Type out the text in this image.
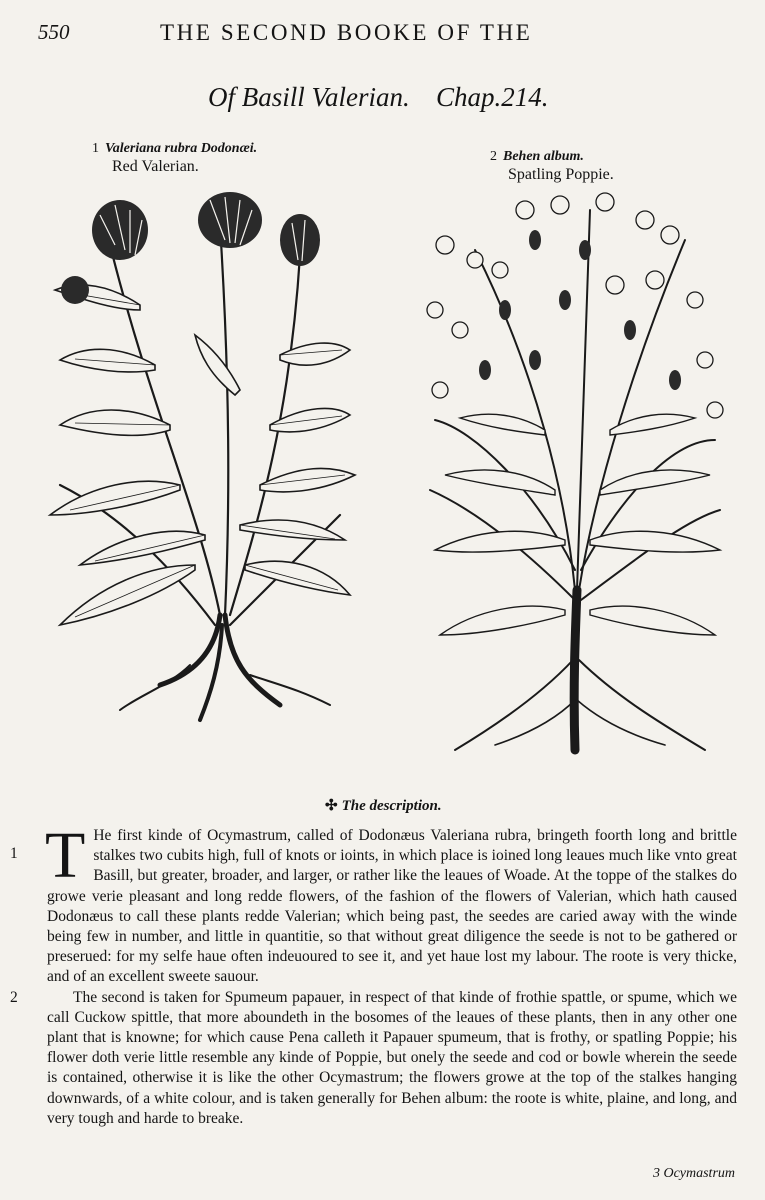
550	THE SECOND BOOKE OF THE
Of Basill Valerian. Chap.214.
1 Valeriana rubra Dodonæi.
Red Valerian.
2 Behen album.
Spatling Poppie.
✣ The description.

1 T He first kinde of Ocymastrum, called of Dodonæus Valeriana rubra, bringeth foorth long and brittle stalkes two cubits high, full of knots or ioints, in which place is ioined long leaues much like vnto great Basill, but greater, broader, and larger, or rather like the leaues of Woade. At the toppe of the stalkes do growe verie pleasant and long redde flowers, of the fashion of the flowers of Valerian, which hath caused Dodonæus to call these plants redde Valerian; which being past, the seedes are caried away with the winde being few in number, and little in quantitie, so that without great diligence the seede is not to be gathered or preserued: for my selfe haue often indeuoured to see it, and yet haue lost my labour. The roote is very thicke, and of an excellent sweete sauour.

2	The second is taken for Spumeum papauer, in respect of that kinde of frothie spattle, or spume, which we call Cuckow spittle, that more aboundeth in the bosomes of the leaues of these plants, then in any other one plant that is knowne; for which cause Pena calleth it Papauer spumeum, that is frothy, or spatling Poppie; his flower doth verie little resemble any kinde of Poppie, but onely the seede and cod or bowle wherein the seede is contained, otherwise it is like the other Ocymastrum; the flowers growe at the top of the stalkes hanging downwards, of a white colour, and is taken generally for Behen album: the roote is white, plaine, and long, and very tough and harde to breake.

3 Ocymastrum
